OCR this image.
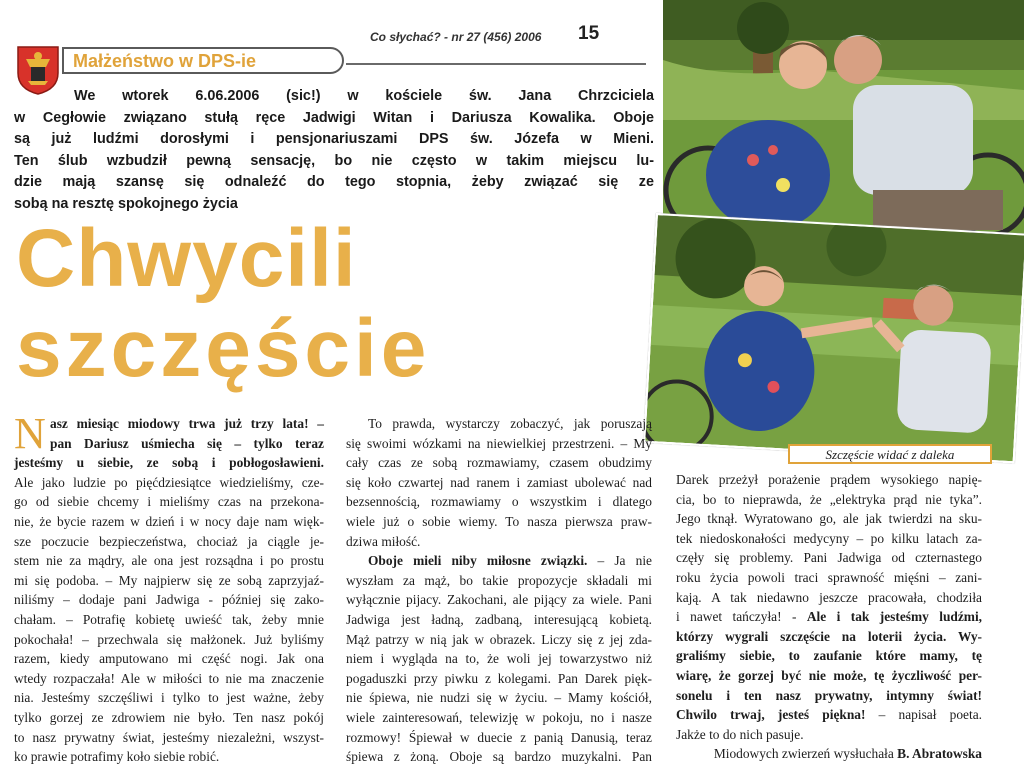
Co słychać? - nr 27 (456) 2006 15
Małżeństwo w DPS-ie
We wtorek 6.06.2006 (sic!) w kościele św. Jana Chrzciciela
w Cegłowie związano stułą ręce Jadwigi Witan i Dariusza Kowalika. Oboje
są już ludźmi dorosłymi i pensjonariuszami DPS św. Józefa w Mieni.
Ten ślub wzbudził pewną sensację, bo nie często w takim miejscu lu-
dzie mają szansę się odnaleźć do tego stopnia, żeby związać się ze
sobą na resztę spokojnego życia
Chwycili
szczęście
Szczęście widać z daleka
N asz miesiąc miodowy trwa już trzy lata! –
pan Dariusz uśmiecha się – tylko teraz
jesteśmy u siebie, ze sobą i pobłogosławieni.
Ale jako ludzie po pięćdziesiątce wiedzieliśmy, cze-
go od siebie chcemy i mieliśmy czas na przekona-
nie, że bycie razem w dzień i w nocy daje nam więk-
sze poczucie bezpieczeństwa, chociaż ja ciągle je-
stem nie za mądry, ale ona jest rozsądna i po prostu
mi się podoba. – My najpierw się ze sobą zaprzyjaź-
niliśmy – dodaje pani Jadwiga - później się zako-
chałam. – Potrafię kobietę uwieść tak, żeby mnie
pokochała! – przechwala się małżonek. Już byliśmy
razem, kiedy amputowano mi część nogi. Jak ona
wtedy rozpaczała! Ale w miłości to nie ma znaczenie
nia. Jesteśmy szczęśliwi i tylko to jest ważne, żeby
tylko gorzej ze zdrowiem nie było. Ten nasz pokój
to nasz prywatny świat, jesteśmy niezależni, wszyst-
ko prawie potrafimy koło siebie robić.
To prawda, wystarczy zobaczyć, jak poruszają
się swoimi wózkami na niewielkiej przestrzeni. – My
cały czas ze sobą rozmawiamy, czasem obudzimy
się koło czwartej nad ranem i zamiast ubolewać nad
bezsennością, rozmawiamy o wszystkim i dlatego
wiele już o sobie wiemy. To nasza pierwsza praw-
dziwa miłość.
Oboje mieli niby miłosne związki. – Ja nie
wyszłam za mąż, bo takie propozycje składali mi
wyłącznie pijacy. Zakochani, ale pijący za wiele. Pani
Jadwiga jest ładną, zadbaną, interesującą kobietą.
Mąż patrzy w nią jak w obrazek. Liczy się z jej zda-
niem i wygląda na to, że woli jej towarzystwo niż
pogaduszki przy piwku z kolegami. Pan Darek pięk-
nie śpiewa, nie nudzi się w życiu. – Mamy kościół,
wiele zainteresowań, telewizję w pokoju, no i nasze
rozmowy! Śpiewał w duecie z panią Danusią, teraz
śpiewa z żoną. Oboje są bardzo muzykalni. Pan
Darek przeżył porażenie prądem wysokiego napię-
cia, bo to nieprawda, że „elektryka prąd nie tyka”.
Jego tknął. Wyratowano go, ale jak twierdzi na sku-
tek niedoskonałości medycyny – po kilku latach za-
częły się problemy. Pani Jadwiga od czternastego
roku życia powoli traci sprawność mięśni – zani-
kają. A tak niedawno jeszcze pracowała, chodziła
i nawet tańczyła! - Ale i tak jesteśmy ludźmi,
którzy wygrali szczęście na loterii życia. Wy-
graliśmy siebie, to zaufanie które mamy, tę
wiarę, że gorzej być nie może, tę życzliwość per-
sonelu i ten nasz prywatny, intymny świat!
Chwilo trwaj, jesteś piękna! – napisał poeta.
Jakże to do nich pasuje.
Miodowych zwierzeń wysłuchała B. Abratowska
